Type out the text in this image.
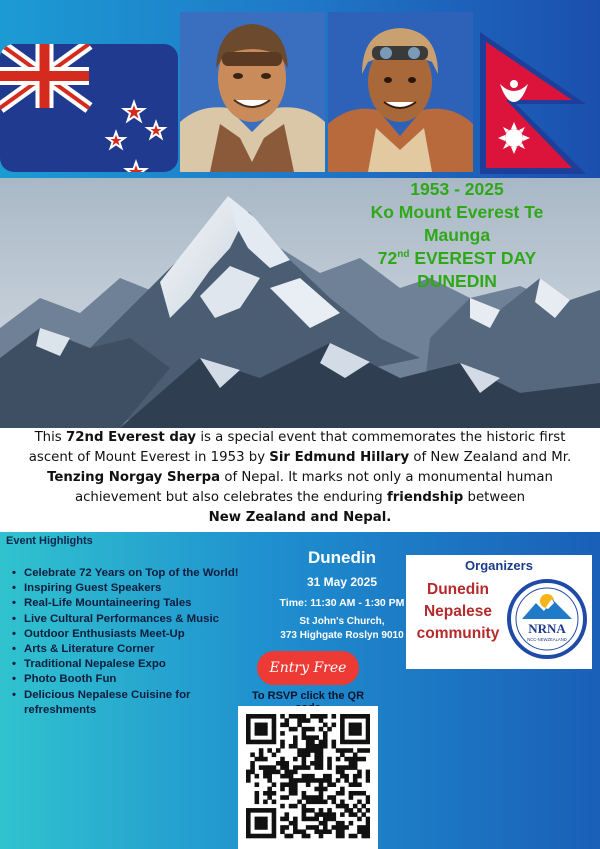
1953 - 2025
Ko Mount Everest Te
Maunga
72nd EVEREST DAY
DUNEDIN
This 72nd Everest day is a special event that commemorates the historic first ascent of Mount Everest in 1953 by Sir Edmund Hillary of New Zealand and Mr.
Tenzing Norgay Sherpa of Nepal. It marks not only a monumental human achievement but also celebrates the enduring friendship between
New Zealand and Nepal.
Event Highlights
• Celebrate 72 Years on Top of the World!
• Inspiring Guest Speakers
• Real-Life Mountaineering Tales
• Live Cultural Performances & Music
• Outdoor Enthusiasts Meet-Up
• Arts & Literature Corner
• Traditional Nepalese Expo
• Photo Booth Fun
• Delicious Nepalese Cuisine for refreshments
Dunedin
31 May 2025
Time: 11:30 AM - 1:30 PM
St John's Church,
373 Highgate Roslyn 9010
Entry Free
To RSVP click the QR
Organizers
Dunedin
Nepalese
community	NRNA
NCC-NEWZEALAND
